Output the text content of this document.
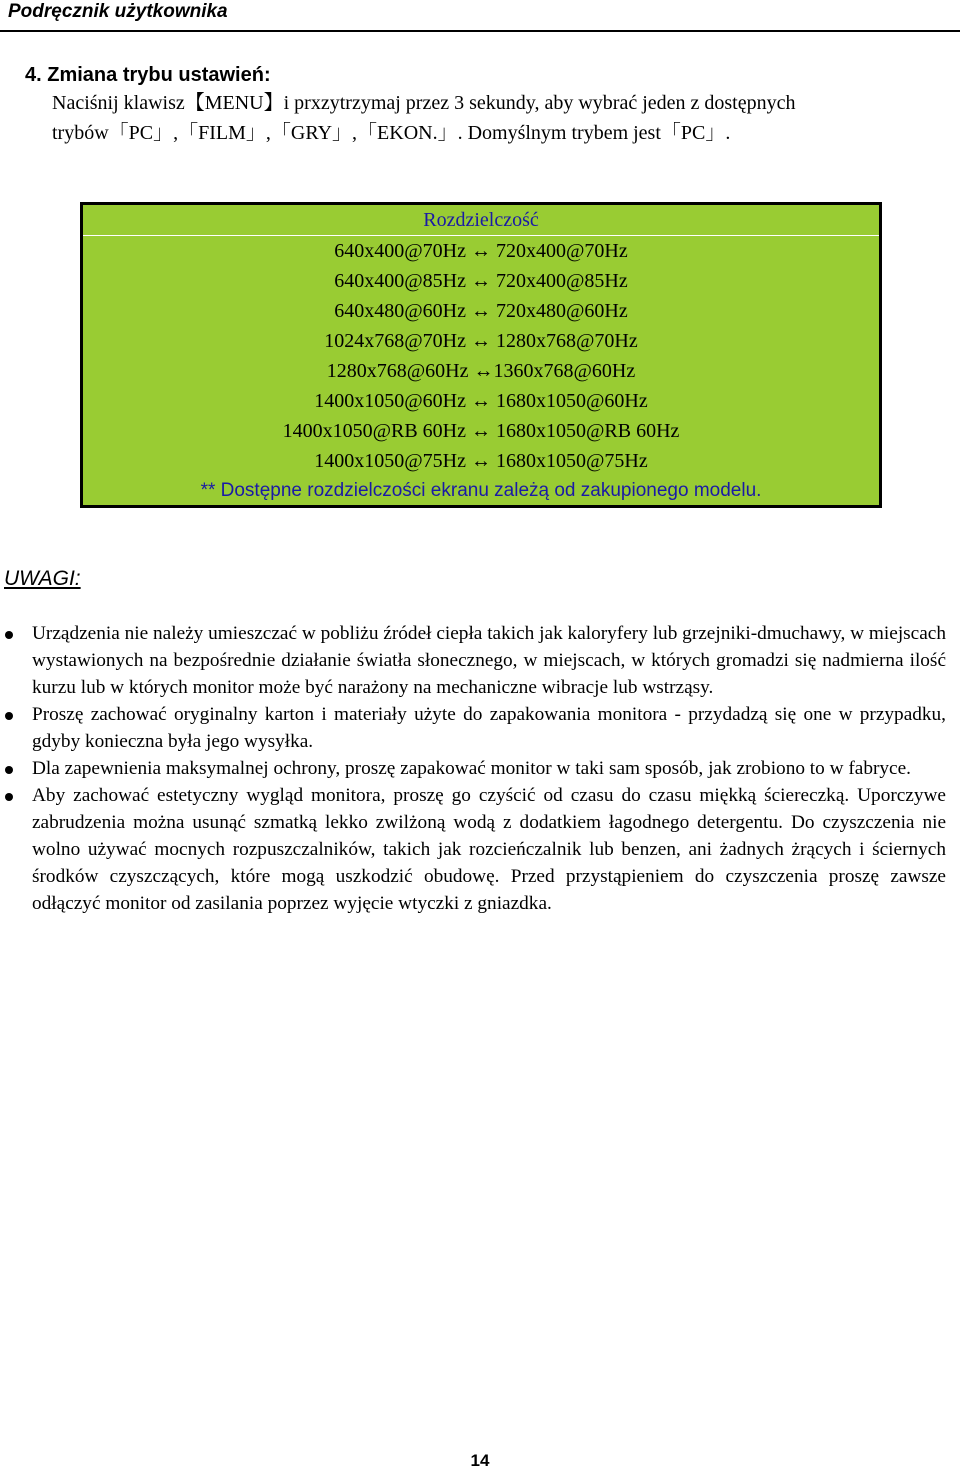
Podręcznik użytkownika
4. Zmiana trybu ustawień:
Naciśnij klawisz【MENU】i prxzytrzymaj przez 3 sekundy, aby wybrać jeden z dostępnych
trybów「PC」,「FILM」,「GRY」,「EKON.」. Domyślnym trybem jest「PC」.
Rozdzielczość
640x400@70Hz ↔ 720x400@70Hz
640x400@85Hz ↔ 720x400@85Hz
640x480@60Hz ↔ 720x480@60Hz
1024x768@70Hz ↔ 1280x768@70Hz
1280x768@60Hz ↔1360x768@60Hz
1400x1050@60Hz ↔ 1680x1050@60Hz
1400x1050@RB 60Hz ↔ 1680x1050@RB 60Hz
1400x1050@75Hz ↔ 1680x1050@75Hz
** Dostępne rozdzielczości ekranu zależą od zakupionego modelu.
UWAGI:
Urządzenia nie należy umieszczać w pobliżu źródeł ciepła takich jak kaloryfery lub grzejniki-dmuchawy, w miejscach wystawionych na bezpośrednie działanie światła słonecznego, w miejscach, w których gromadzi się nadmierna ilość kurzu lub w których monitor może być narażony na mechaniczne wibracje lub wstrząsy.
Proszę zachować oryginalny karton i materiały użyte do zapakowania monitora - przydadzą się one w przypadku, gdyby konieczna była jego wysyłka.
Dla zapewnienia maksymalnej ochrony, proszę zapakować monitor w taki sam sposób, jak zrobiono to w fabryce.
Aby zachować estetyczny wygląd monitora, proszę go czyścić od czasu do czasu miękką ściereczką. Uporczywe zabrudzenia można usunąć szmatką lekko zwilżoną wodą z dodatkiem łagodnego detergentu. Do czyszczenia nie wolno używać mocnych rozpuszczalników, takich jak rozcieńczalnik lub benzen, ani żadnych żrących i ściernych środków czyszczących, które mogą uszkodzić obudowę. Przed przystąpieniem do czyszczenia proszę zawsze odłączyć monitor od zasilania poprzez wyjęcie wtyczki z gniazdka.
14
